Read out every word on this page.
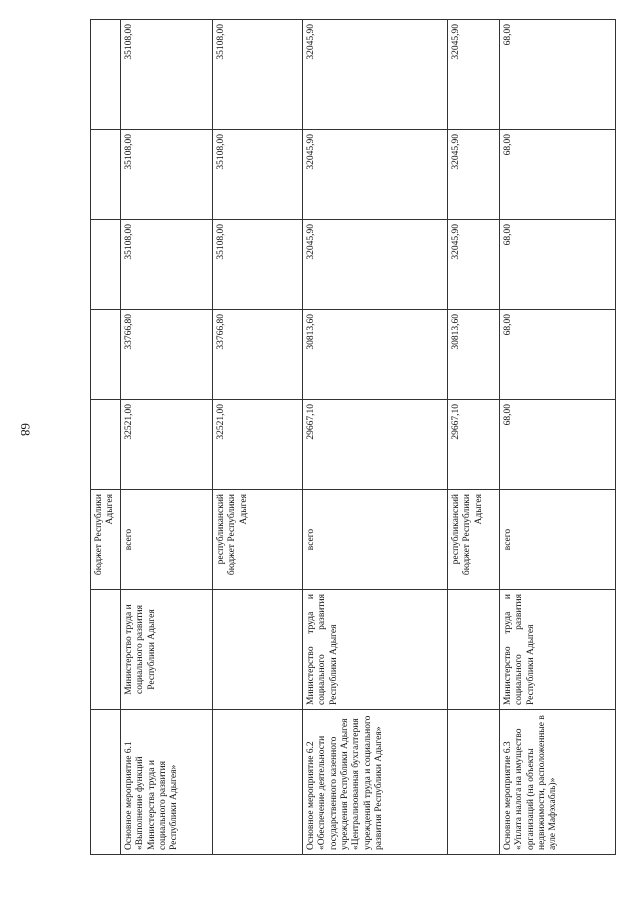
68
		бюджет Республики Адыгея					
Основное мероприятие 6.1 «Выполнение функций Министерства труда и социального развития Республики Адыгея»	Министерство труда и социального развития Республики Адыгея	всего	32521,00	33766,80	35108,00	35108,00	35108,00
		республиканский бюджет Республики Адыгея	32521,00	33766,80	35108,00	35108,00	35108,00
Основное мероприятие 6.2 «Обеспечение деятельности государственного казенного учреждения Республики Адыгея «Централизованная бухгалтерия учреждений труда и социального развития Республики Адыгея»	Министерство труда и социального развития Республики Адыгея	всего	29667,10	30813,60	32045,90	32045,90	32045,90
		республиканский бюджет Республики Адыгея	29667,10	30813,60	32045,90	32045,90	32045,90
Основное мероприятие 6.3 «Уплата налога на имущество организаций (на объекты недвижимости, расположенные в ауле Мафэхабль)»	Министерство труда и социального развития Республики Адыгея	всего	68,00	68,00	68,00	68,00	68,00
